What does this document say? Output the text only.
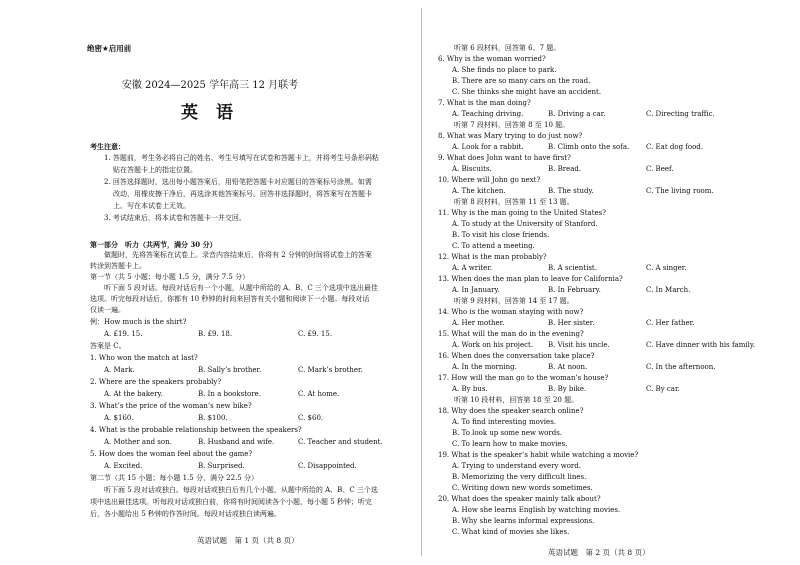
绝密★启用前
安徽 2024—2025 学年高三 12 月联考
英 语
考生注意：
1. 答题前，考生务必将自己的姓名、考生号填写在试卷和答题卡上，并将考生号条形码粘
贴在答题卡上的指定位置。
2. 回答选择题时，选出每小题答案后，用铅笔把答题卡对应题目的答案标号涂黑。如需
改动，用橡皮擦干净后，再选涂其他答案标号。回答非选择题时，将答案写在答题卡
上。写在本试卷上无效。
3. 考试结束后，将本试卷和答题卡一并交回。
第一部分　听力（共两节，满分 30 分）
做题时，先将答案标在试卷上。录音内容结束后，你将有 2 分钟的时间将试卷上的答案
转涂到答题卡上。
第一节（共 5 小题；每小题 1.5 分，满分 7.5 分）
听下面 5 段对话。每段对话后有一个小题，从题中所给的 A、B、C 三个选项中选出最佳
选项。听完每段对话后，你都有 10 秒钟的时间来回答有关小题和阅读下一小题。每段对话
仅读一遍。
例：How much is the shirt?
A. £19. 15.	B. £9. 18.	C. £9. 15.
答案是 C。
1. Who won the match at last?
A. Mark.	B. Sally’s brother.	C. Mark’s brother.
2. Where are the speakers probably?
A. At the bakery.	B. In a bookstore.	C. At home.
3. What’s the price of the woman’s new bike?
A. $160.	B. $100.	C. $60.
4. What is the probable relationship between the speakers?
A. Mother and son.	B. Husband and wife.	C. Teacher and student.
5. How does the woman feel about the game?
A. Excited.	B. Surprised.	C. Disappointed.
第二节（共 15 小题；每小题 1.5 分，满分 22.5 分）
听下面 5 段对话或独白。每段对话或独白后有几个小题，从题中所给的 A、B、C 三个选
项中选出最佳选项。听每段对话或独白前，你将有时间阅读各个小题，每小题 5 秒钟；听完
后，各小题给出 5 秒钟的作答时间。每段对话或独白读两遍。
英语试题　第 1 页（共 8 页）
听第 6 段材料，回答第 6、7 题。
6. Why is the woman worried?
A. She finds no place to park.
B. There are so many cars on the road.
C. She thinks she might have an accident.
7. What is the man doing?
A. Teaching driving.	B. Driving a car.	C. Directing traffic.
听第 7 段材料，回答第 8 至 10 题。
8. What was Mary trying to do just now?
A. Look for a rabbit.	B. Climb onto the sofa. C. Eat dog food.
9. What does John want to have first?
A. Biscuits.	B. Bread.	C. Beef.
10. Where will John go next?
A. The kitchen.	B. The study.	C. The living room.
听第 8 段材料，回答第 11 至 13 题。
11. Why is the man going to the United States?
A. To study at the University of Stanford.
B. To visit his close friends.
C. To attend a meeting.
12. What is the man probably?
A. A writer.	B. A scientist.	C. A singer.
13. When does the man plan to leave for California?
A. In January.	B. In February.	C. In March.
听第 9 段材料，回答第 14 至 17 题。
14. Who is the woman staying with now?
A. Her mother.	B. Her sister.	C. Her father.
15. What will the man do in the evening?
A. Work on his project. B. Visit his uncle.	C. Have dinner with his family.
16. When does the conversation take place?
A. In the morning.	B. At noon.	C. In the afternoon.
17. How will the man go to the woman’s house?
A. By bus.	B. By bike.	C. By car.
听第 10 段材料，回答第 18 至 20 题。
18. Why does the speaker search online?
A. To find interesting movies.
B. To look up some new words.
C. To learn how to make movies.
19. What is the speaker’s habit while watching a movie?
A. Trying to understand every word.
B. Memorizing the very difficult lines.
C. Writing down new words sometimes.
20. What does the speaker mainly talk about?
A. How she learns English by watching movies.
B. Why she learns informal expressions.
C. What kind of movies she likes.
英语试题　第 2 页（共 8 页）
